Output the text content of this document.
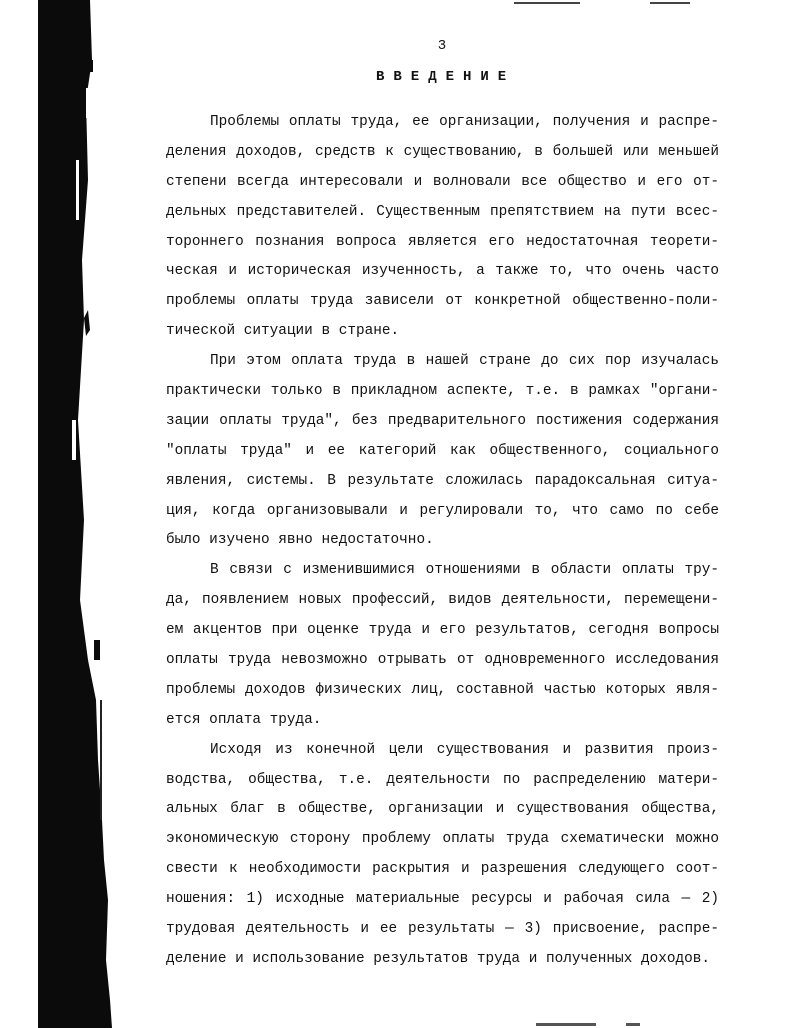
3
ВВЕДЕНИЕ
Проблемы оплаты труда, ее организации, получения и распре-
деления доходов, средств к существованию, в большей или меньшей
степени всегда интересовали и волновали все общество и его от-
дельных представителей. Существенным препятствием на пути всес-
тороннего познания вопроса является его недостаточная теорети-
ческая и историческая изученность, а также то, что очень часто
проблемы оплаты труда зависели от конкретной общественно-поли-
тической ситуации в стране.
При этом оплата труда в нашей стране до сих пор изучалась
практически только в прикладном аспекте, т.е. в рамках "органи-
зации оплаты труда", без предварительного постижения содержания
"оплаты труда" и ее категорий как общественного, социального
явления, системы. В результате сложилась парадоксальная ситуа-
ция, когда организовывали и регулировали то, что само по себе
было изучено явно недостаточно.
В связи с изменившимися отношениями в области оплаты тру-
да, появлением новых профессий, видов деятельности, перемещени-
ем акцентов при оценке труда и его результатов, сегодня вопросы
оплаты труда невозможно отрывать от одновременного исследования
проблемы доходов физических лиц, составной частью которых явля-
ется оплата труда.
Исходя из конечной цели существования и развития произ-
водства, общества, т.е. деятельности по распределению матери-
альных благ в обществе, организации и существования общества,
экономическую сторону проблему оплаты труда схематически можно
свести к необходимости раскрытия и разрешения следующего соот-
ношения: 1) исходные материальные ресурсы и рабочая сила — 2)
трудовая деятельность и ее результаты — 3) присвоение, распре-
деление и использование результатов труда и полученных доходов.
